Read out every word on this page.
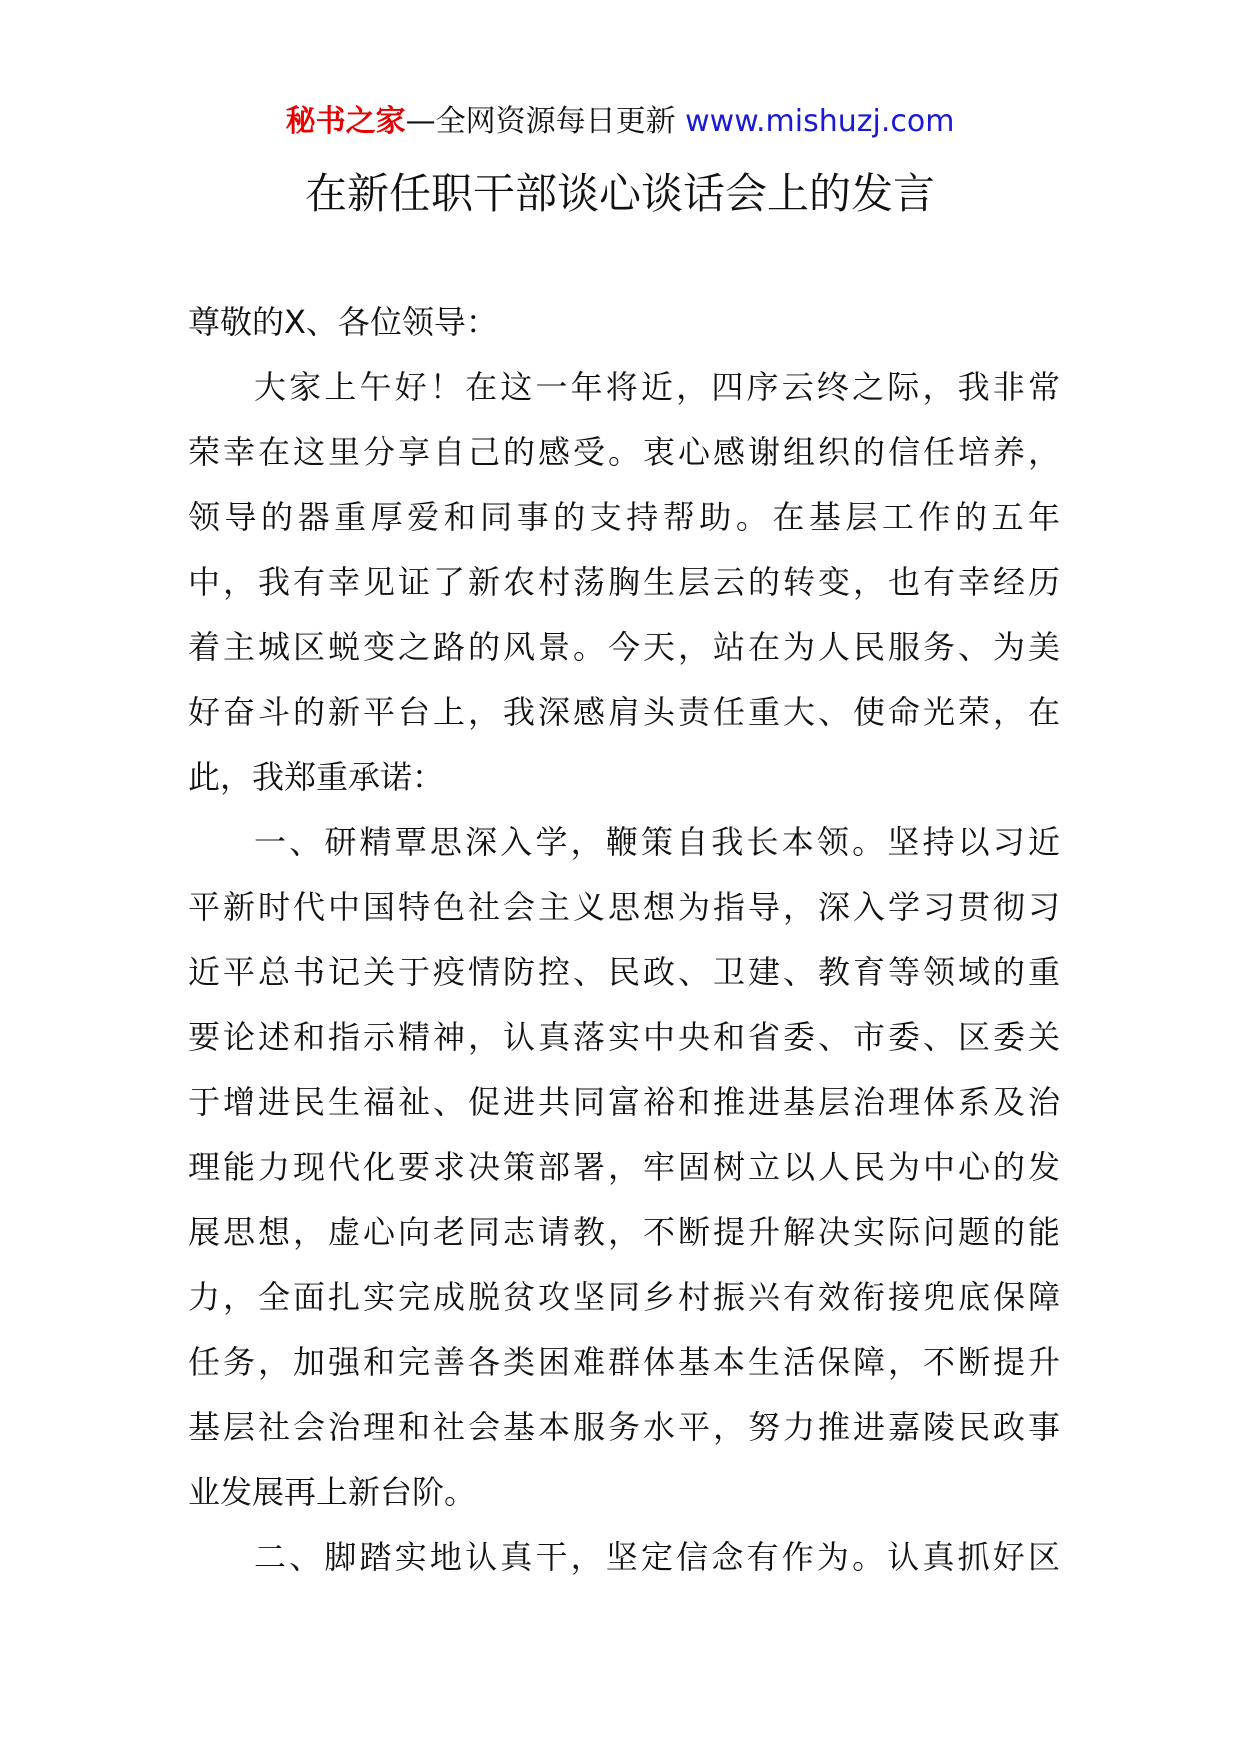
秘书之家—全网资源每日更新 www.mishuzj.com
在新任职干部谈心谈话会上的发言
尊敬的X、各位领导：
大家上午好！在这一年将近，四序云终之际，我非常
荣幸在这里分享自己的感受。衷心感谢组织的信任培养，
领导的器重厚爱和同事的支持帮助。在基层工作的五年
中，我有幸见证了新农村荡胸生层云的转变，也有幸经历
着主城区蜕变之路的风景。今天，站在为人民服务、为美
好奋斗的新平台上，我深感肩头责任重大、使命光荣，在
此，我郑重承诺：
一、研精覃思深入学，鞭策自我长本领。坚持以习近
平新时代中国特色社会主义思想为指导，深入学习贯彻习
近平总书记关于疫情防控、民政、卫建、教育等领域的重
要论述和指示精神，认真落实中央和省委、市委、区委关
于增进民生福祉、促进共同富裕和推进基层治理体系及治
理能力现代化要求决策部署，牢固树立以人民为中心的发
展思想，虚心向老同志请教，不断提升解决实际问题的能
力，全面扎实完成脱贫攻坚同乡村振兴有效衔接兜底保障
任务，加强和完善各类困难群体基本生活保障，不断提升
基层社会治理和社会基本服务水平，努力推进嘉陵民政事
业发展再上新台阶。
二、脚踏实地认真干，坚定信念有作为。认真抓好区
